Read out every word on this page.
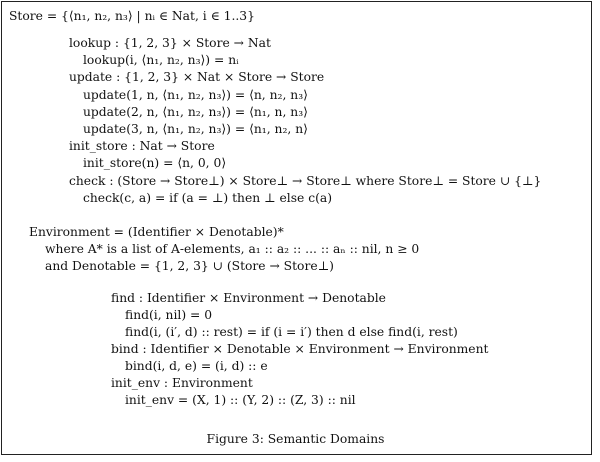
Store = {⟨n₁, n₂, n₃⟩ | nᵢ ∈ Nat, i ∈ 1..3}
lookup : {1, 2, 3} × Store → Nat
lookup(i, ⟨n₁, n₂, n₃⟩) = nᵢ
update : {1, 2, 3} × Nat × Store → Store
update(1, n, ⟨n₁, n₂, n₃⟩) = ⟨n, n₂, n₃⟩
update(2, n, ⟨n₁, n₂, n₃⟩) = ⟨n₁, n, n₃⟩
update(3, n, ⟨n₁, n₂, n₃⟩) = ⟨n₁, n₂, n⟩
init_store : Nat → Store
init_store(n) = ⟨n, 0, 0⟩
check : (Store → Store⊥) × Store⊥ → Store⊥ where Store⊥ = Store ∪ {⊥}
check(c, a) = if (a = ⊥) then ⊥ else c(a)
Environment = (Identifier × Denotable)*
where A* is a list of A-elements, a₁ :: a₂ :: ... :: aₙ :: nil, n ≥ 0
and Denotable = {1, 2, 3} ∪ (Store → Store⊥)
find : Identifier × Environment → Denotable
find(i, nil) = 0
find(i, (i′, d) :: rest) = if (i = i′) then d else find(i, rest)
bind : Identifier × Denotable × Environment → Environment
bind(i, d, e) = (i, d) :: e
init_env : Environment
init_env = (X, 1) :: (Y, 2) :: (Z, 3) :: nil
Figure 3: Semantic Domains
